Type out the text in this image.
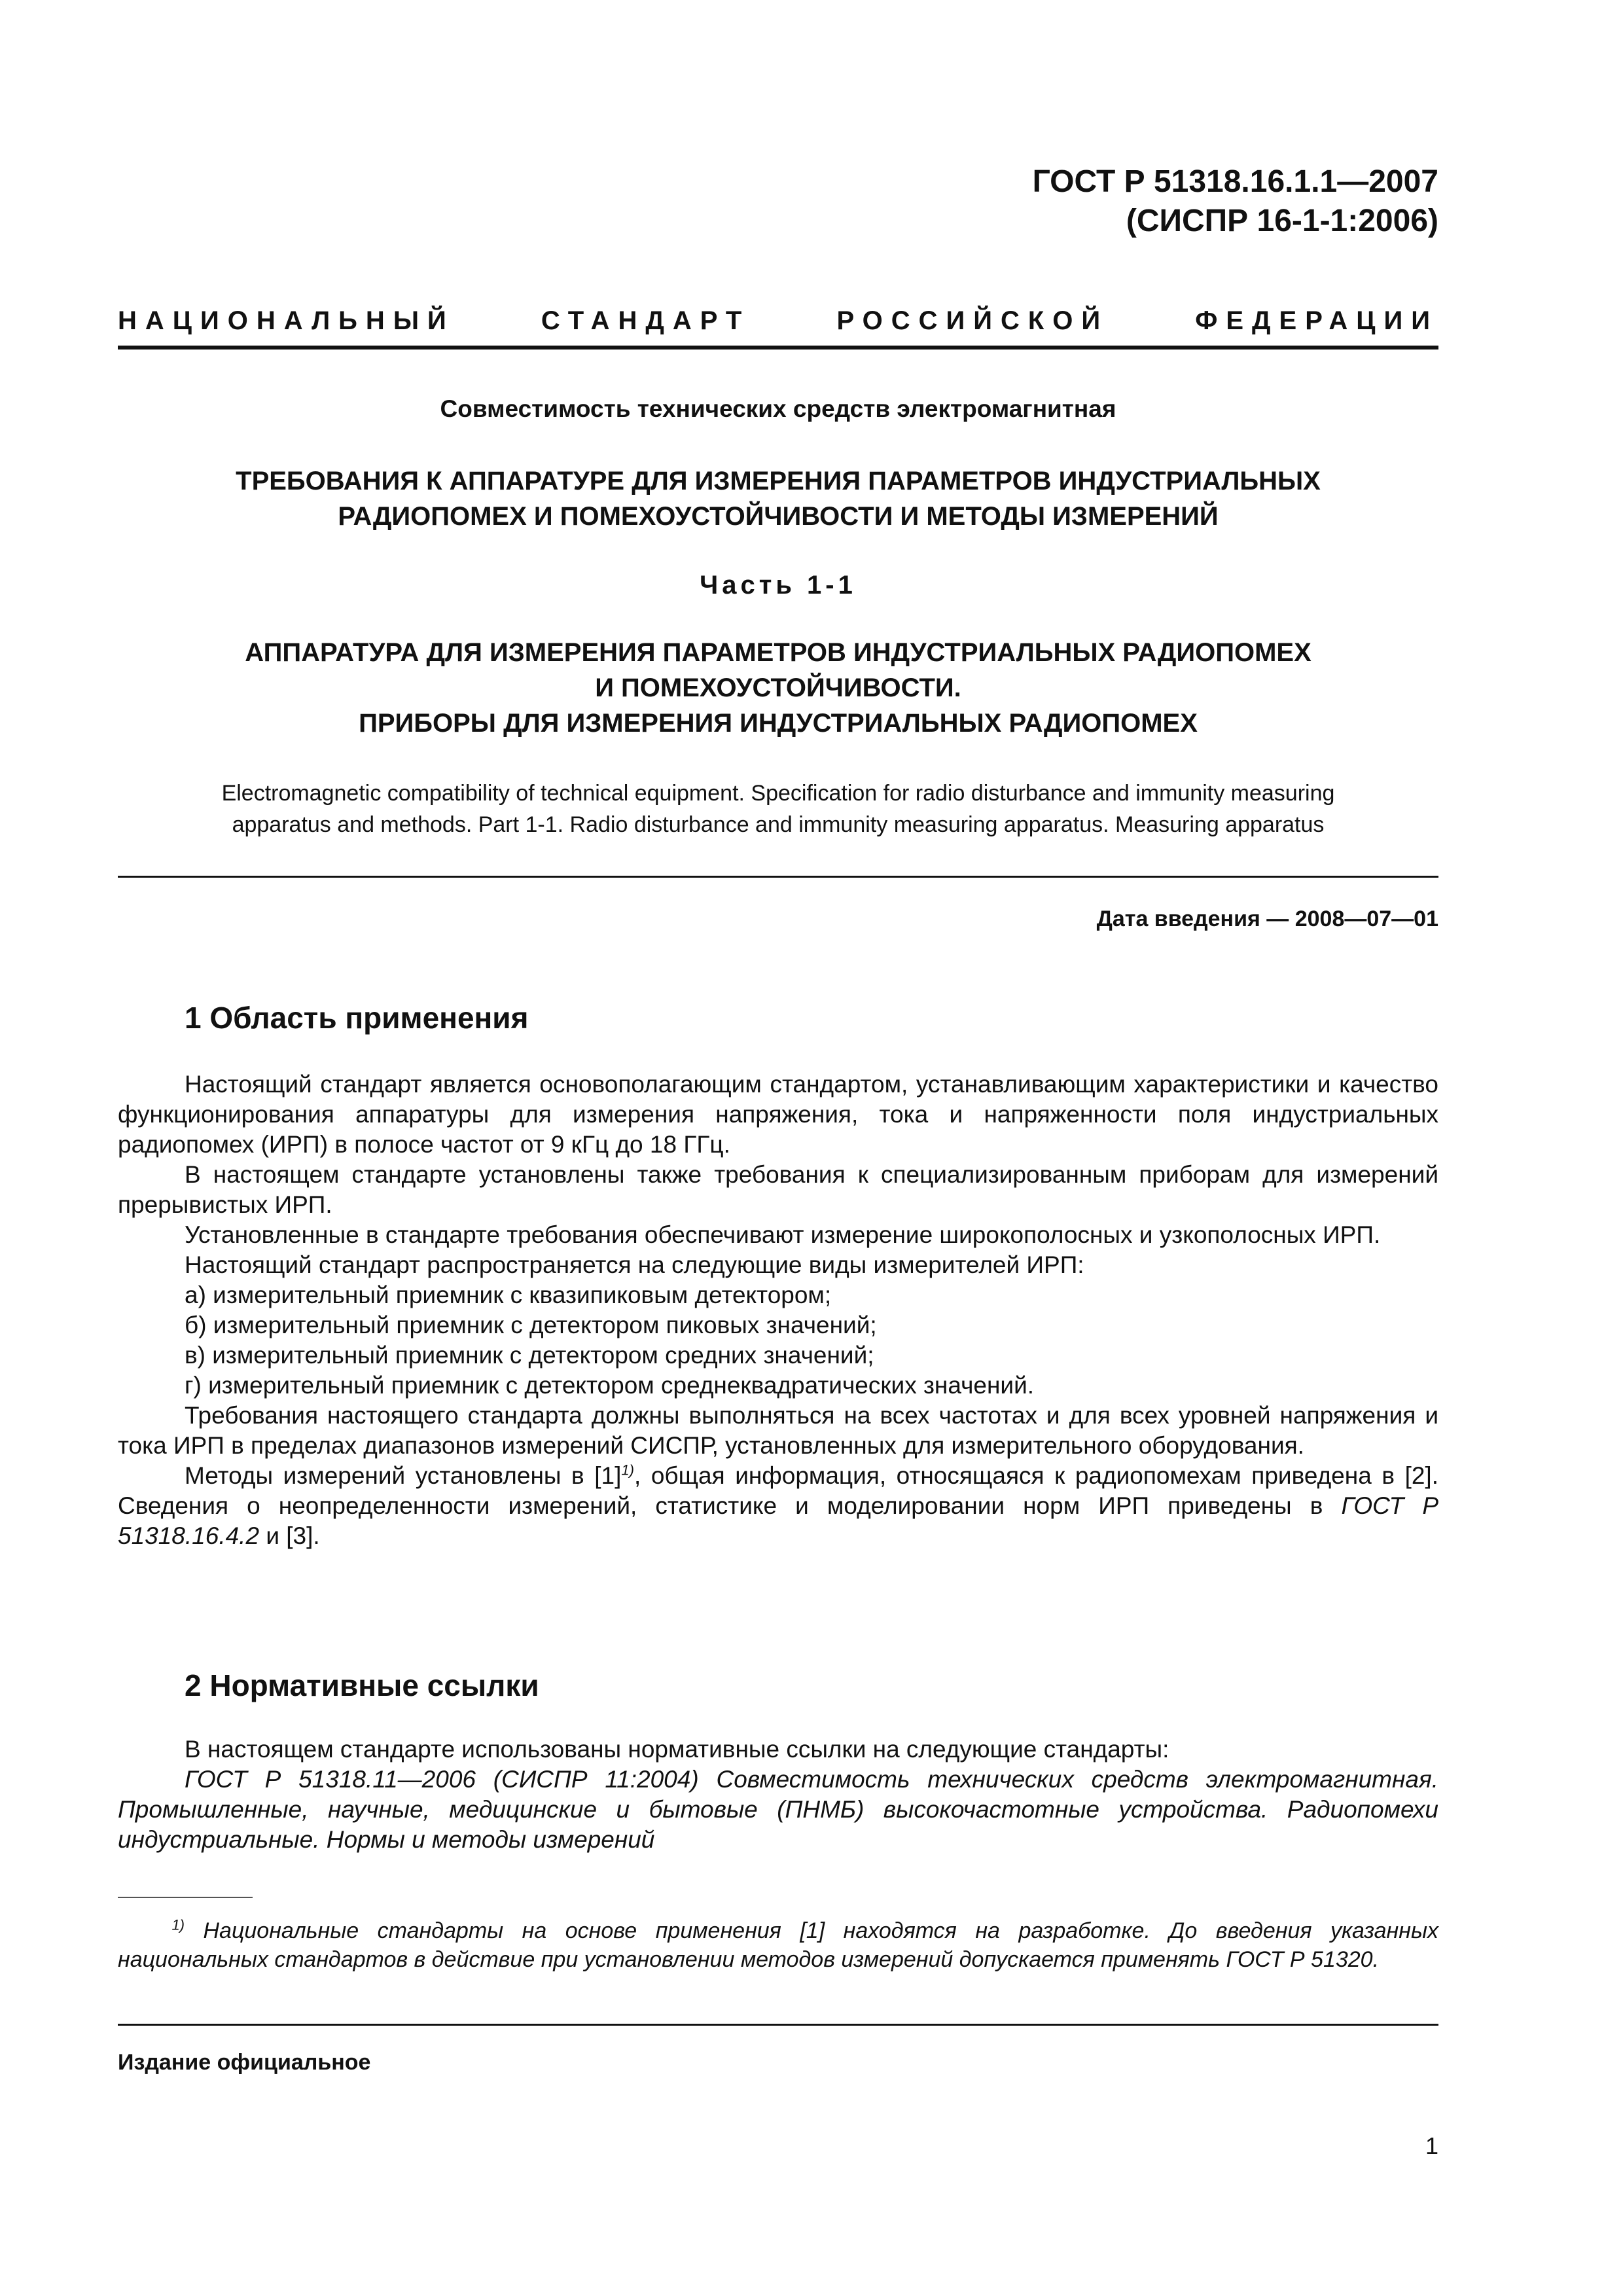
ГОСТ Р 51318.16.1.1—2007
(СИСПР 16-1-1:2006)
НАЦИОНАЛЬНЫЙ	СТАНДАРТ	РОССИЙСКОЙ	ФЕДЕРАЦИИ
Совместимость технических средств электромагнитная
ТРЕБОВАНИЯ К АППАРАТУРЕ ДЛЯ ИЗМЕРЕНИЯ ПАРАМЕТРОВ ИНДУСТРИАЛЬНЫХ
РАДИОПОМЕХ И ПОМЕХОУСТОЙЧИВОСТИ И МЕТОДЫ ИЗМЕРЕНИЙ
Часть 1-1
АППАРАТУРА ДЛЯ ИЗМЕРЕНИЯ ПАРАМЕТРОВ ИНДУСТРИАЛЬНЫХ РАДИОПОМЕХ
И ПОМЕХОУСТОЙЧИВОСТИ.
ПРИБОРЫ ДЛЯ ИЗМЕРЕНИЯ ИНДУСТРИАЛЬНЫХ РАДИОПОМЕХ
Electromagnetic compatibility of technical equipment. Specification for radio disturbance and immunity measuring
apparatus and methods. Part 1-1. Radio disturbance and immunity measuring apparatus. Measuring apparatus
Дата введения — 2008—07—01
1 Область применения

Настоящий стандарт является основополагающим стандартом, устанавливающим характеристики и качество функционирования аппаратуры для измерения напряжения, тока и напряженности поля индустриальных радиопомех (ИРП) в полосе частот от 9 кГц до 18 ГГц.

В настоящем стандарте установлены также требования к специализированным приборам для измерений прерывистых ИРП.

Установленные в стандарте требования обеспечивают измерение широкополосных и узкополосных ИРП.

Настоящий стандарт распространяется на следующие виды измерителей ИРП:

а) измерительный приемник с квазипиковым детектором;

б) измерительный приемник с детектором пиковых значений;

в) измерительный приемник с детектором средних значений;

г) измерительный приемник с детектором среднеквадратических значений.

Требования настоящего стандарта должны выполняться на всех частотах и для всех уровней напряжения и тока ИРП в пределах диапазонов измерений СИСПР, установленных для измерительного оборудования.

Методы измерений установлены в $[1]^{1)}$, общая информация, относящаяся к радиопомехам приведена в [2]. Сведения о неопределенности измерений, статистике и моделировании норм ИРП приведены в ГОСТ Р 51318.16.4.2 и [3].

2 Нормативные ссылки

В настоящем стандарте использованы нормативные ссылки на следующие стандарты:

ГОСТ Р 51318.11—2006 (СИСПР 11:2004) Совместимость технических средств электромагнитная. Промышленные, научные, медицинские и бытовые (ПНМБ) высокочастотные устройства. Радиопомехи индустриальные. Нормы и методы измерений

$^{1)}$ Национальные стандарты на основе применения [1] находятся на разработке. До введения указанных национальных стандартов в действие при установлении методов измерений допускается применять ГОСТ Р 51320.
Издание официальное
1
